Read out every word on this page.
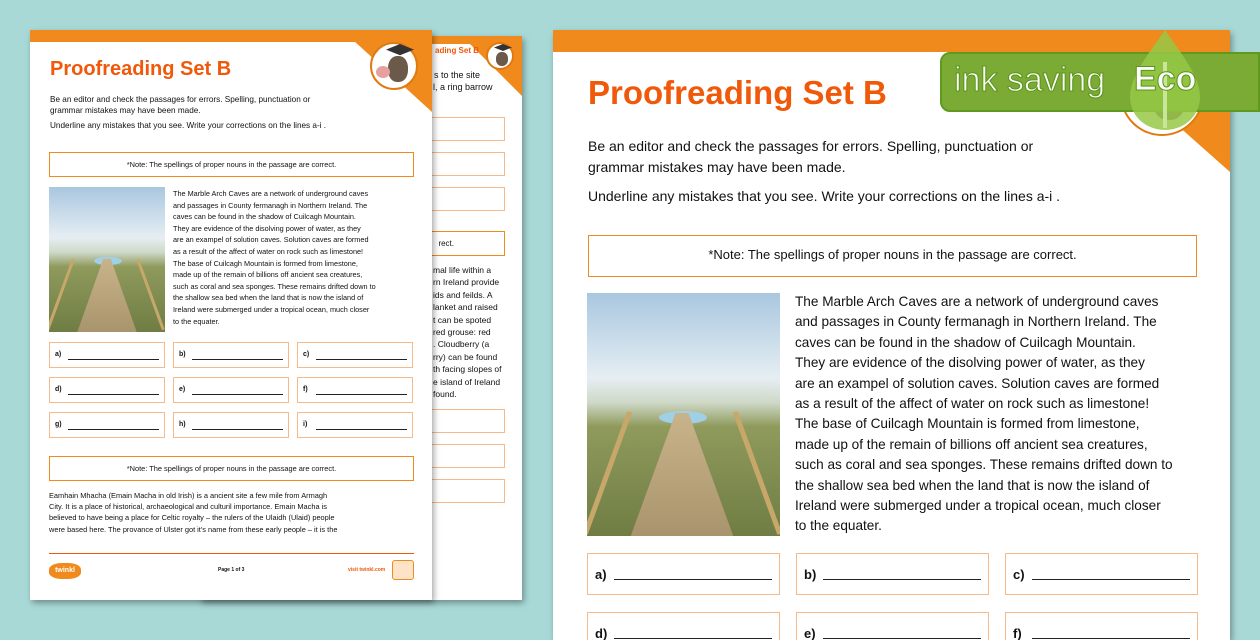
ading Set B
s to the site
l, a ring barrow
rect.
mal life within a
rn Ireland provide
ids and feilds. A
lanket and raised
t can be spoted
red grouse: red
. Cloudberry (a
rry) can be found
th facing slopes of
e island of Ireland
found.
Proofreading Set B
Be an editor and check the passages for errors. Spelling, punctuation or
grammar mistakes may have been made.
Underline any mistakes that you see. Write your corrections on the lines a-i .
*Note: The spellings of proper nouns in the passage are correct.
The Marble Arch Caves are a network of underground caves
and passages in County fermanagh in Northern Ireland. The
caves can be found in the shadow of Cuilcagh Mountain.
They are evidence of the disolving power of water, as they
are an exampel of solution caves. Solution caves are formed
as a result of the affect of water on rock such as limestone!
The base of Cuilcagh Mountain is formed from limestone,
made up of the remain of billions off ancient sea creatures,
such as coral and sea sponges. These remains drifted down to
the shallow sea bed when the land that is now the island of
Ireland were submerged under a tropical ocean, much closer
to the equater.
a)	b)	c)
d)	e)	f)
g)	h)	i)
*Note: The spellings of proper nouns in the passage are correct.
Eamhain Mhacha (Emain Macha in old Irish) is a ancient site a few mile from Armagh
City. It is a place of historical, archaeological and culturil importance. Emain Macha is
believed to have being a place for Celtic royalty – the rulers of the Ulaidh (Ulaid) people
were based here. The provance of Ulster got it's name from these early people – it is the
twinkl	Page 1 of 3	visit twinkl.com
Proofreading Set B
Be an editor and check the passages for errors. Spelling, punctuation or
grammar mistakes may have been made.
Underline any mistakes that you see. Write your corrections on the lines a-i .
*Note: The spellings of proper nouns in the passage are correct.
The Marble Arch Caves are a network of underground caves
and passages in County fermanagh in Northern Ireland. The
caves can be found in the shadow of Cuilcagh Mountain.
They are evidence of the disolving power of water, as they
are an exampel of solution caves. Solution caves are formed
as a result of the affect of water on rock such as limestone!
The base of Cuilcagh Mountain is formed from limestone,
made up of the remain of billions off ancient sea creatures,
such as coral and sea sponges. These remains drifted down to
the shallow sea bed when the land that is now the island of
Ireland were submerged under a tropical ocean, much closer
to the equater.
a)	b)	c)
d)	e)	f)
ink saving Eco
